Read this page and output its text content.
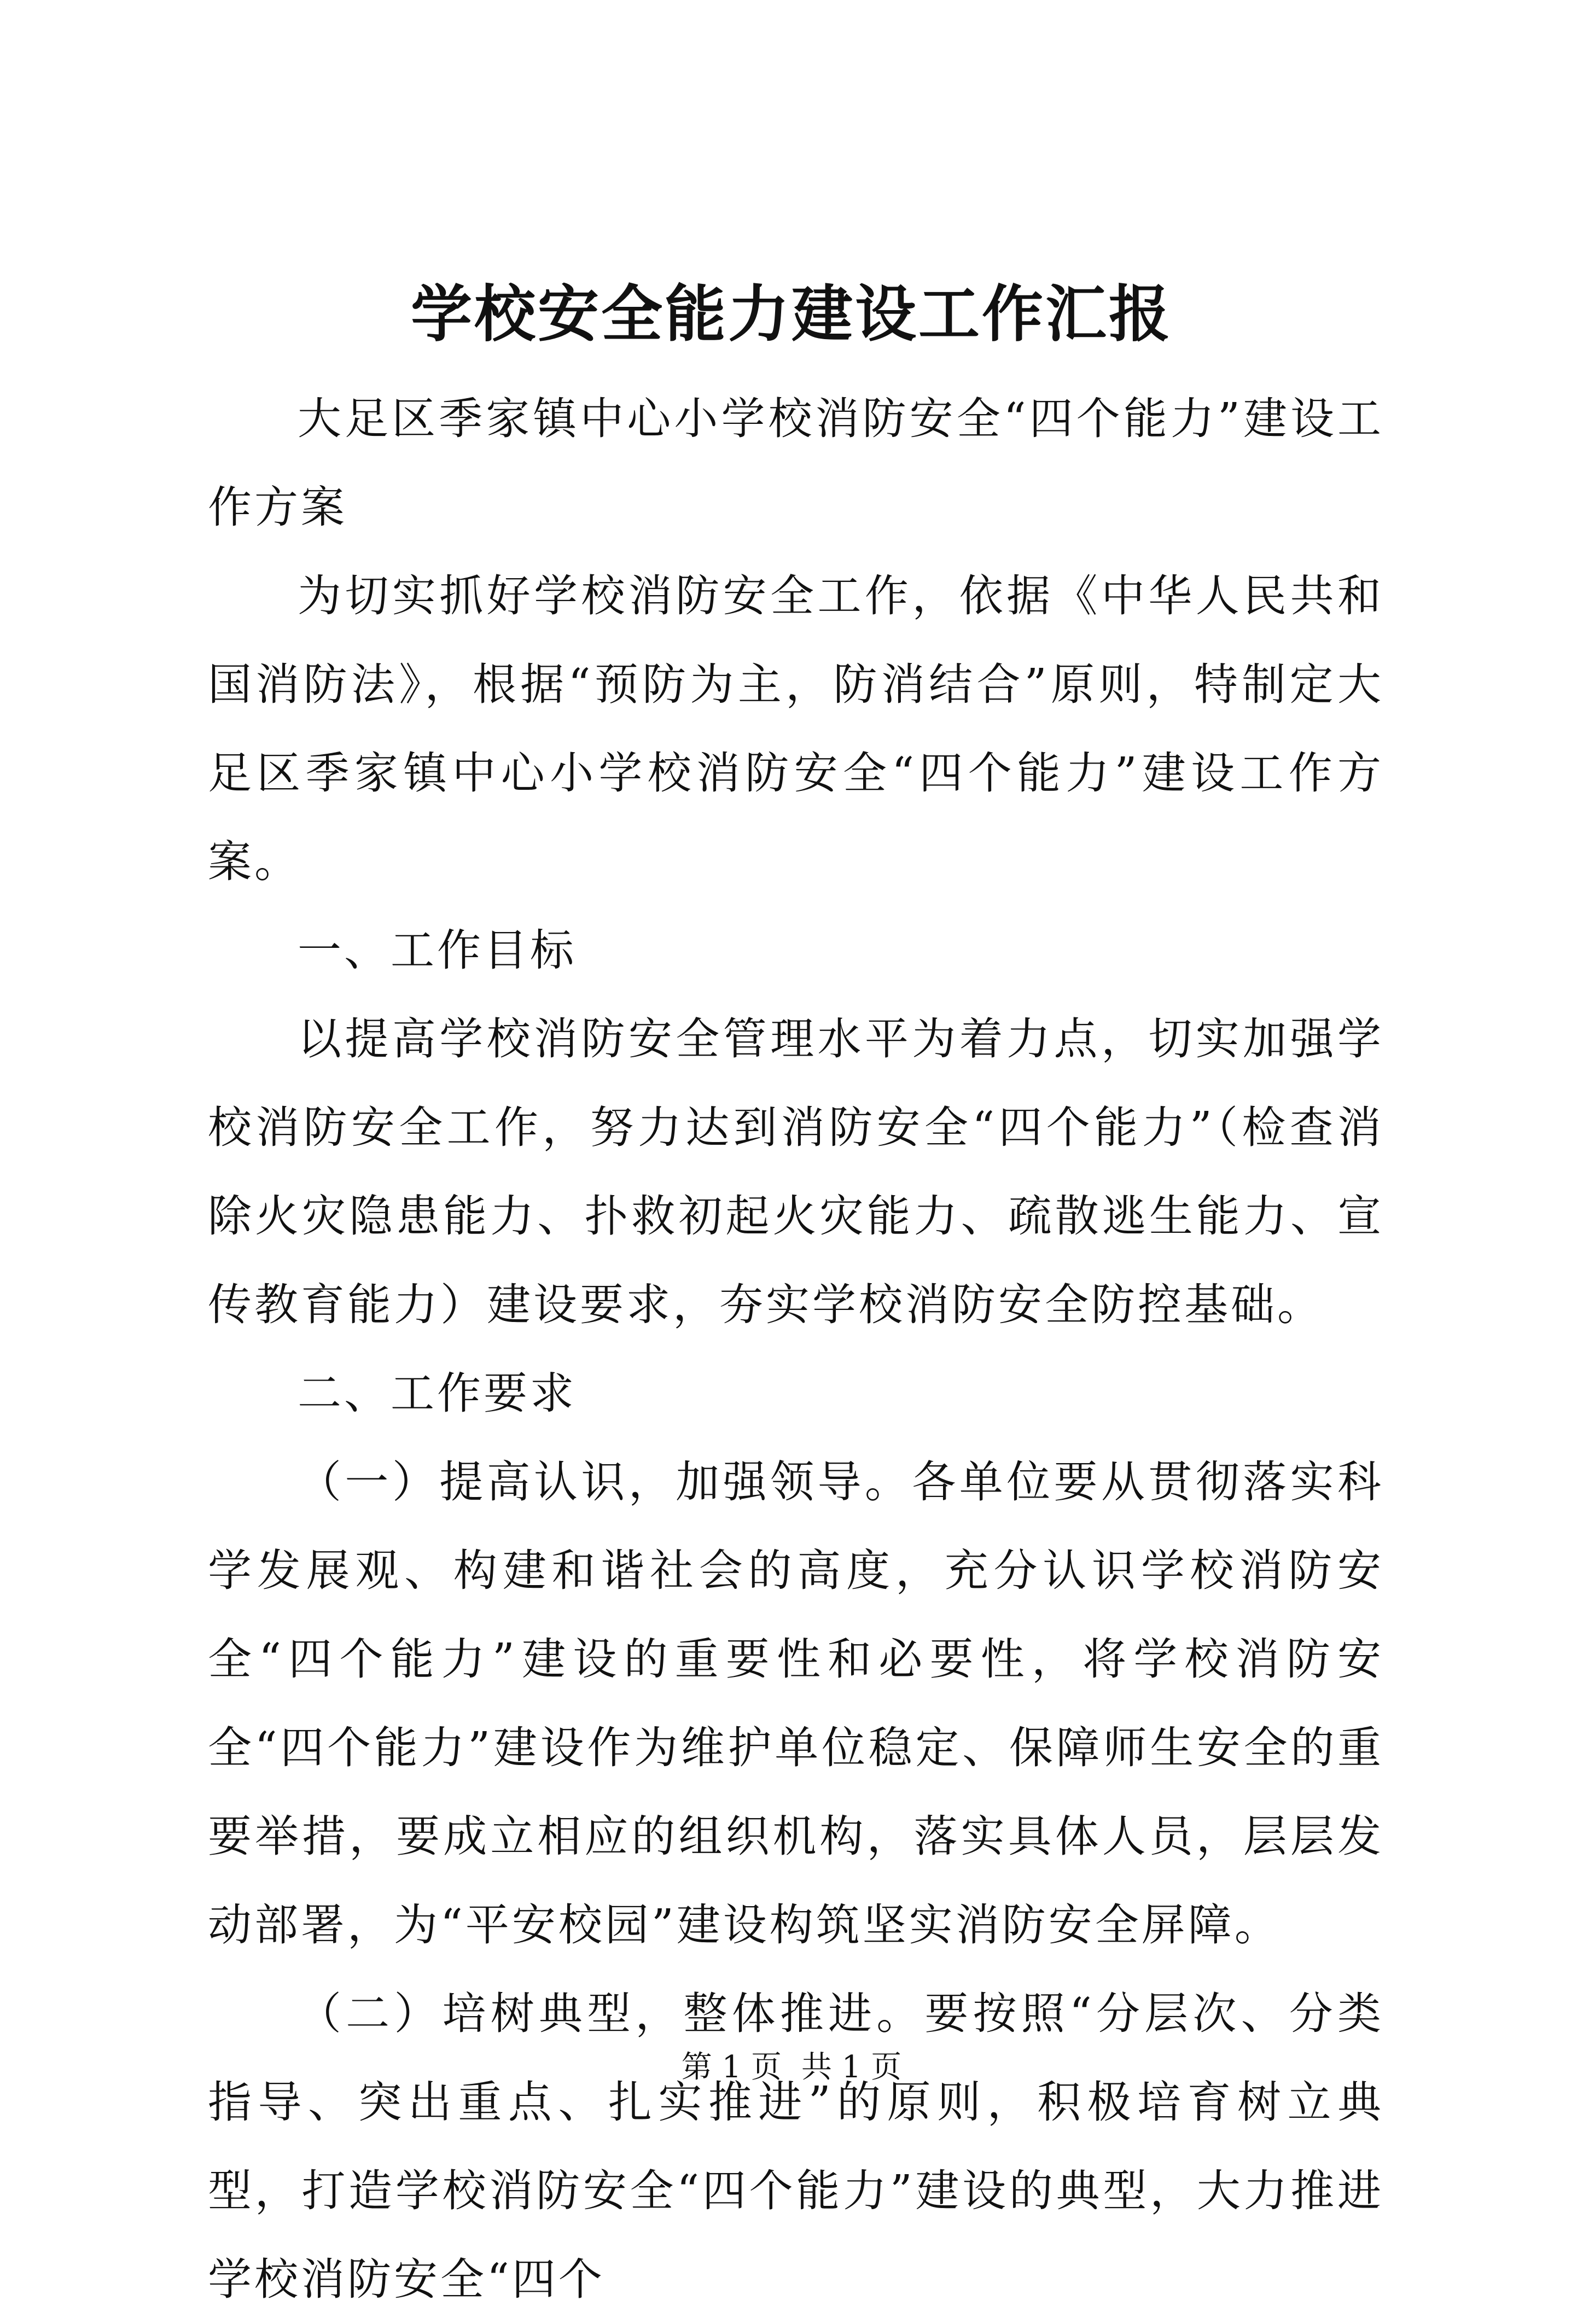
学校安全能力建设工作汇报

大足区季家镇中心小学校消防安全“四个能力”建设工作方案

为切实抓好学校消防安全工作，依据《中华人民共和国消防法》，根据“预防为主，防消结合”原则，特制定大足区季家镇中心小学校消防安全“四个能力”建设工作方案。

一、工作目标

以提高学校消防安全管理水平为着力点，切实加强学校消防安全工作，努力达到消防安全“四个能力”（检查消除火灾隐患能力、扑救初起火灾能力、疏散逃生能力、宣传教育能力）建设要求，夯实学校消防安全防控基础。

二、工作要求

（一）提高认识，加强领导。各单位要从贯彻落实科学发展观、构建和谐社会的高度，充分认识学校消防安全“四个能力”建设的重要性和必要性，将学校消防安全“四个能力”建设作为维护单位稳定、保障师生安全的重要举措，要成立相应的组织机构，落实具体人员，层层发动部署，为“平安校园”建设构筑坚实消防安全屏障。

（二）培树典型，整体推进。要按照“分层次、分类指导、突出重点、扎实推进”的原则，积极培育树立典型，打造学校消防安全“四个能力”建设的典型，大力推进学校消防安全“四个

第 1 页 共 1 页
